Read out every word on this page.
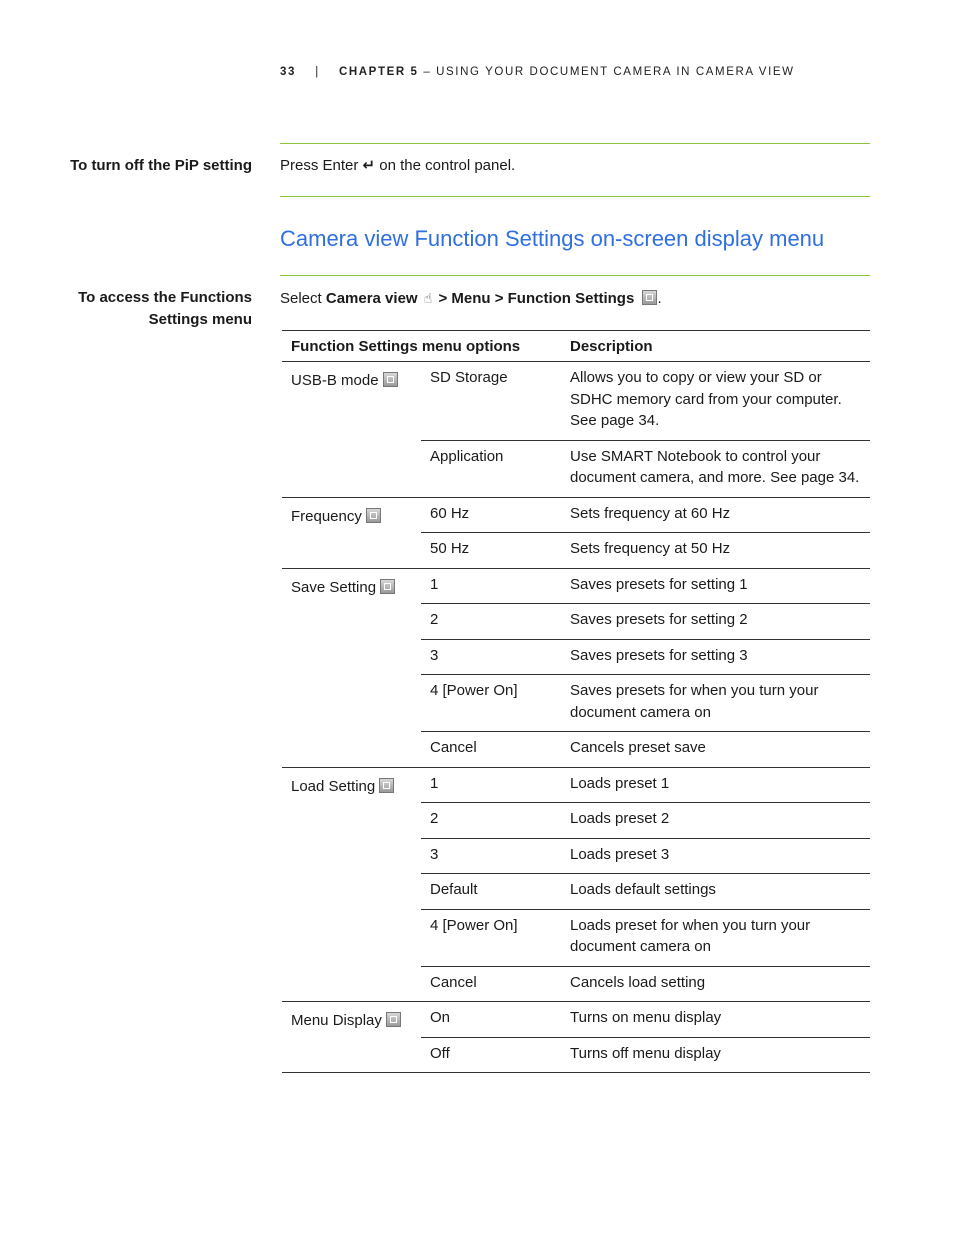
33 | CHAPTER 5 – USING YOUR DOCUMENT CAMERA IN CAMERA VIEW
To turn off the PiP setting Press Enter ↵ on the control panel.
Camera view Function Settings on-screen display menu
To access the Functions
Settings menu
Select Camera view ☝ > Menu > Function Settings .
Function Settings menu options		Description
USB-B mode	SD Storage	Allows you to copy or view your SD or SDHC memory card from your computer. See page 34.
	Application	Use SMART Notebook to control your document camera, and more. See page 34.
Frequency	60 Hz	Sets frequency at 60 Hz
	50 Hz	Sets frequency at 50 Hz
Save Setting	1	Saves presets for setting 1
	2	Saves presets for setting 2
	3	Saves presets for setting 3
	4 [Power On]	Saves presets for when you turn your document camera on
	Cancel	Cancels preset save
Load Setting	1	Loads preset 1
	2	Loads preset 2
	3	Loads preset 3
	Default	Loads default settings
	4 [Power On]	Loads preset for when you turn your document camera on
	Cancel	Cancels load setting
Menu Display	On	Turns on menu display
	Off	Turns off menu display
